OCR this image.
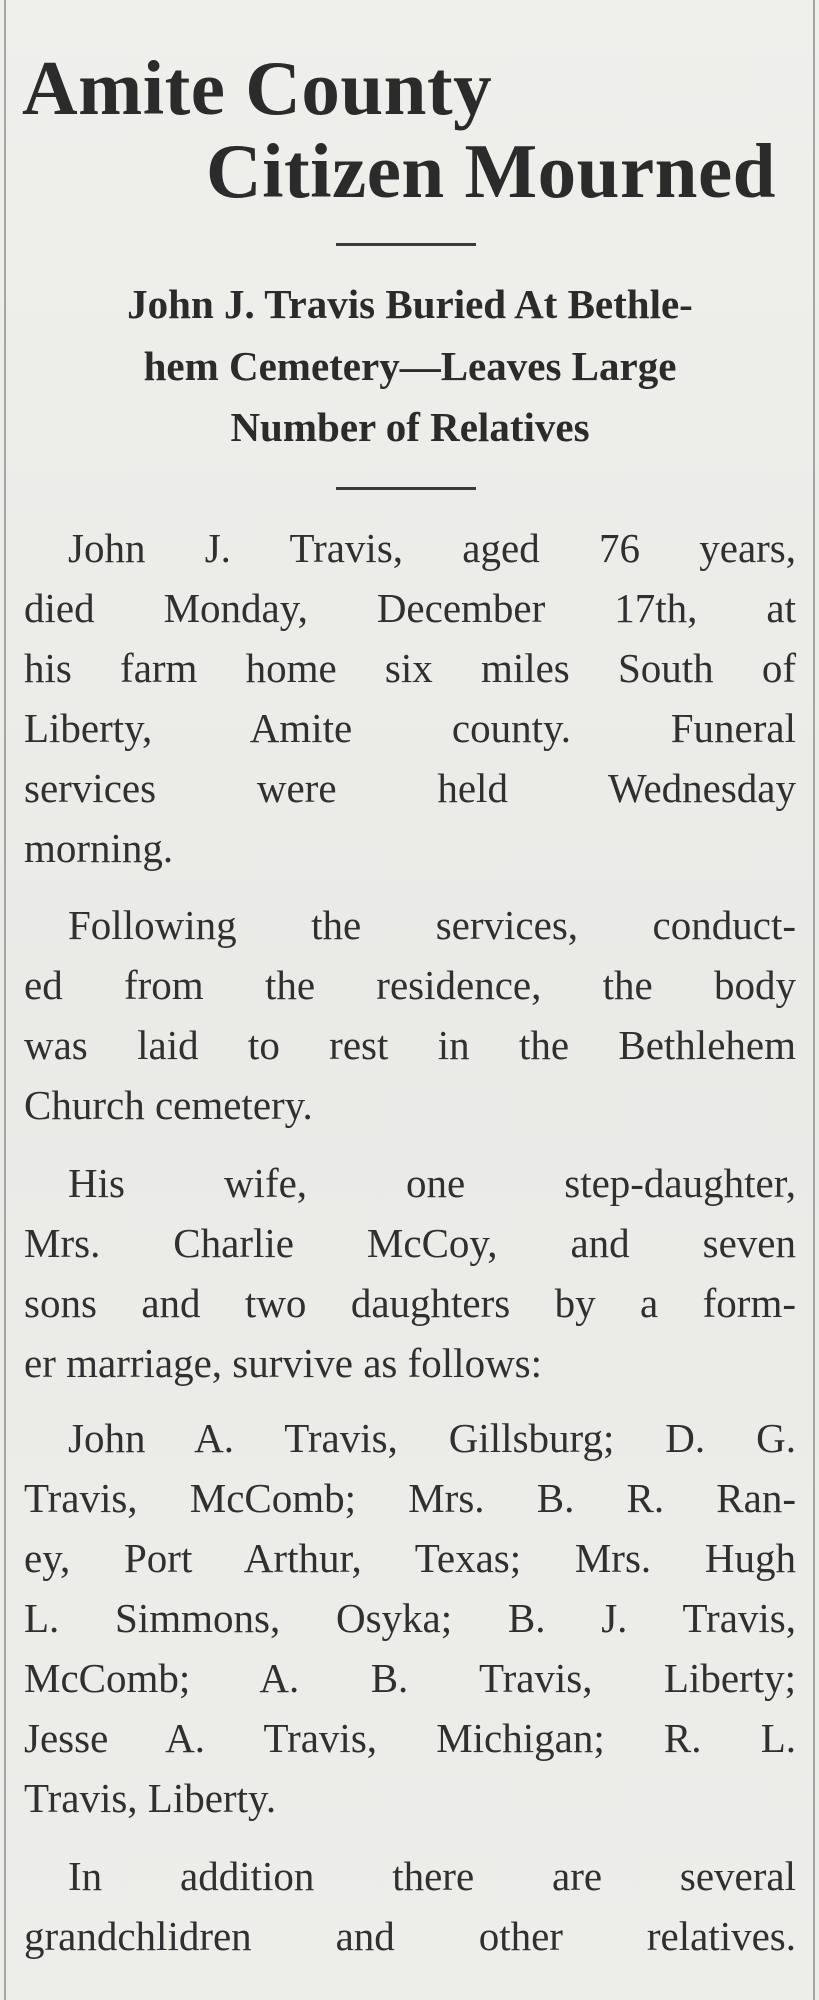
Amite County
Citizen Mourned
John J. Travis Buried At Bethle-
hem Cemetery—Leaves Large
Number of Relatives

John J. Travis, aged 76 years,

died Monday, December 17th, at

his farm home six miles South of

Liberty, Amite county. Funeral

services were held Wednesday

morning.

Following the services, conduct-

ed from the residence, the body

was laid to rest in the Bethlehem

Church cemetery.

His wife, one step-daughter,

Mrs. Charlie McCoy, and seven

sons and two daughters by a form-

er marriage, survive as follows:

John A. Travis, Gillsburg; D. G.

Travis, McComb; Mrs. B. R. Ran-

ey, Port Arthur, Texas; Mrs. Hugh

L. Simmons, Osyka; B. J. Travis,

McComb; A. B. Travis, Liberty;

Jesse A. Travis, Michigan; R. L.

Travis, Liberty.

In addition there are several

grandchlidren and other relatives.
